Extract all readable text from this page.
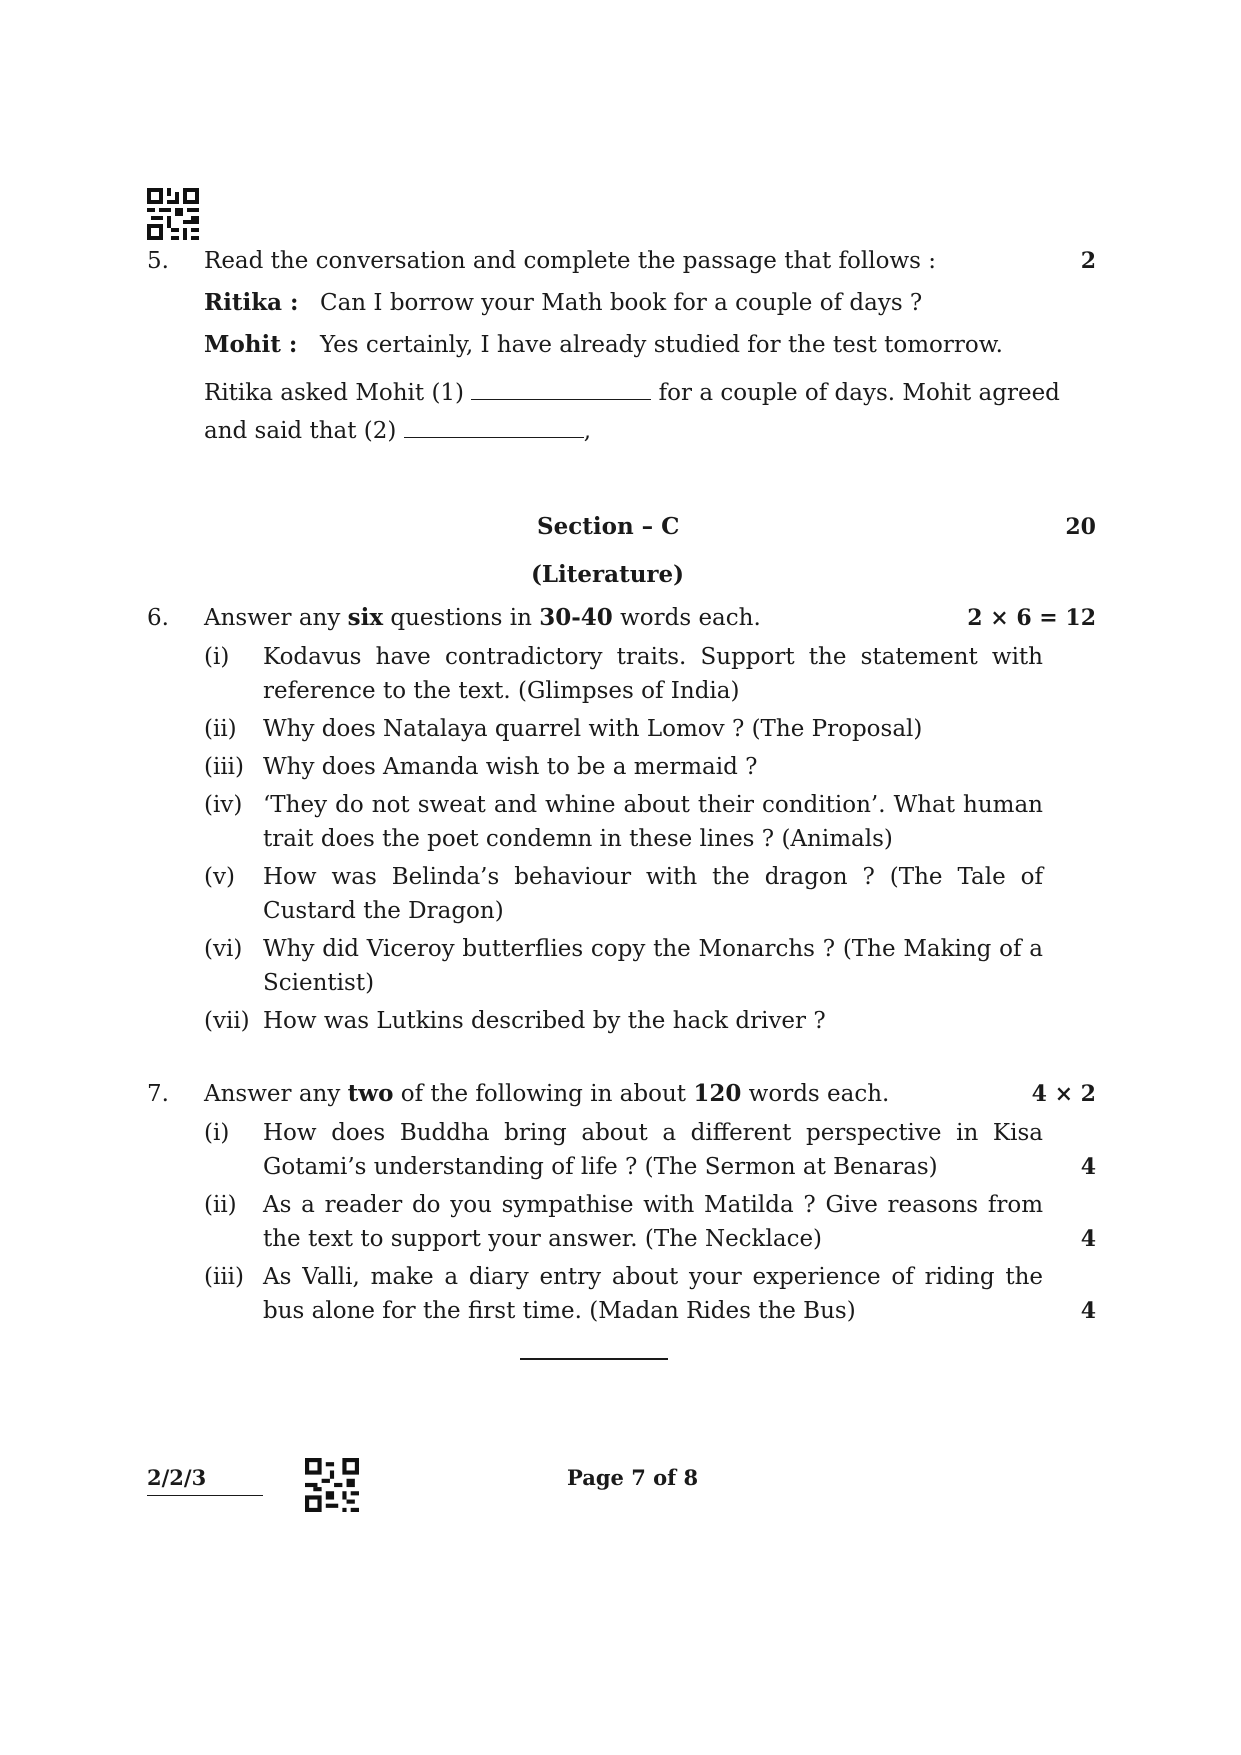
5. Read the conversation and complete the passage that follows :	2
Ritika : Can I borrow your Math book for a couple of days ?
Mohit : Yes certainly, I have already studied for the test tomorrow.
Ritika asked Mohit (1)	for a couple of days. Mohit agreed
and said that (2)	,
Section – C	20
(Literature)
6. Answer any six questions in 30-40 words each.	2 × 6 = 12
(i) Kodavus have contradictory traits. Support the statement with reference to the text. (Glimpses of India)
(ii) Why does Natalaya quarrel with Lomov ? (The Proposal)
(iii) Why does Amanda wish to be a mermaid ?
(iv) ‘They do not sweat and whine about their condition’. What human trait does the poet condemn in these lines ? (Animals)
(v) How was Belinda’s behaviour with the dragon ? (The Tale of Custard the Dragon)
(vi) Why did Viceroy butterflies copy the Monarchs ? (The Making of a Scientist)
(vii) How was Lutkins described by the hack driver ?
7. Answer any two of the following in about 120 words each.	4 × 2
(i) How does Buddha bring about a different perspective in Kisa Gotami’s understanding of life ? (The Sermon at Benaras)	4
(ii) As a reader do you sympathise with Matilda ? Give reasons from the text to support your answer. (The Necklace)	4
(iii) As Valli, make a diary entry about your experience of riding the bus alone for the first time. (Madan Rides the Bus)	4
2/2/3	Page 7 of 8
